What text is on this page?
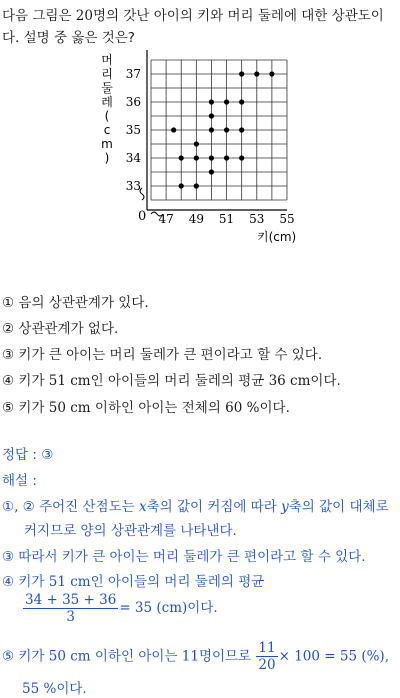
다음 그림은 20명의 갓난 아이의 키와 머리 둘레에 대한 상관도이
다. 설명 중 옳은 것은?
47 49 51 53 55
33
34
35
36
37
0
키(cm)
머
리
둘
레
(
c
m
)
① 음의 상관관계가 있다.
② 상관관계가 없다.
③ 키가 큰 아이는 머리 둘레가 큰 편이라고 할 수 있다.
④ 키가 51 cm인 아이들의 머리 둘레의 평균 36 cm이다.
⑤ 키가 50 cm 이하인 아이는 전체의 60 %이다.
정답 : ③
해설 :
①, ② 주어진 산점도는 x축의 값이 커짐에 따라 y축의 값이 대체로
커지므로 양의 상관관계를 나타낸다.
③ 따라서 키가 큰 아이는 머리 둘레가 큰 편이라고 할 수 있다.
④ 키가 51 cm인 아이들의 머리 둘레의 평균
$\frac{34 + 35 + 36}{3} = 35$ (cm)이다.
⑤ 키가 50 cm 이하인 아이는 11명이므로 $\frac{11}{20} \times 100 = 55$ (%),
55 %이다.
